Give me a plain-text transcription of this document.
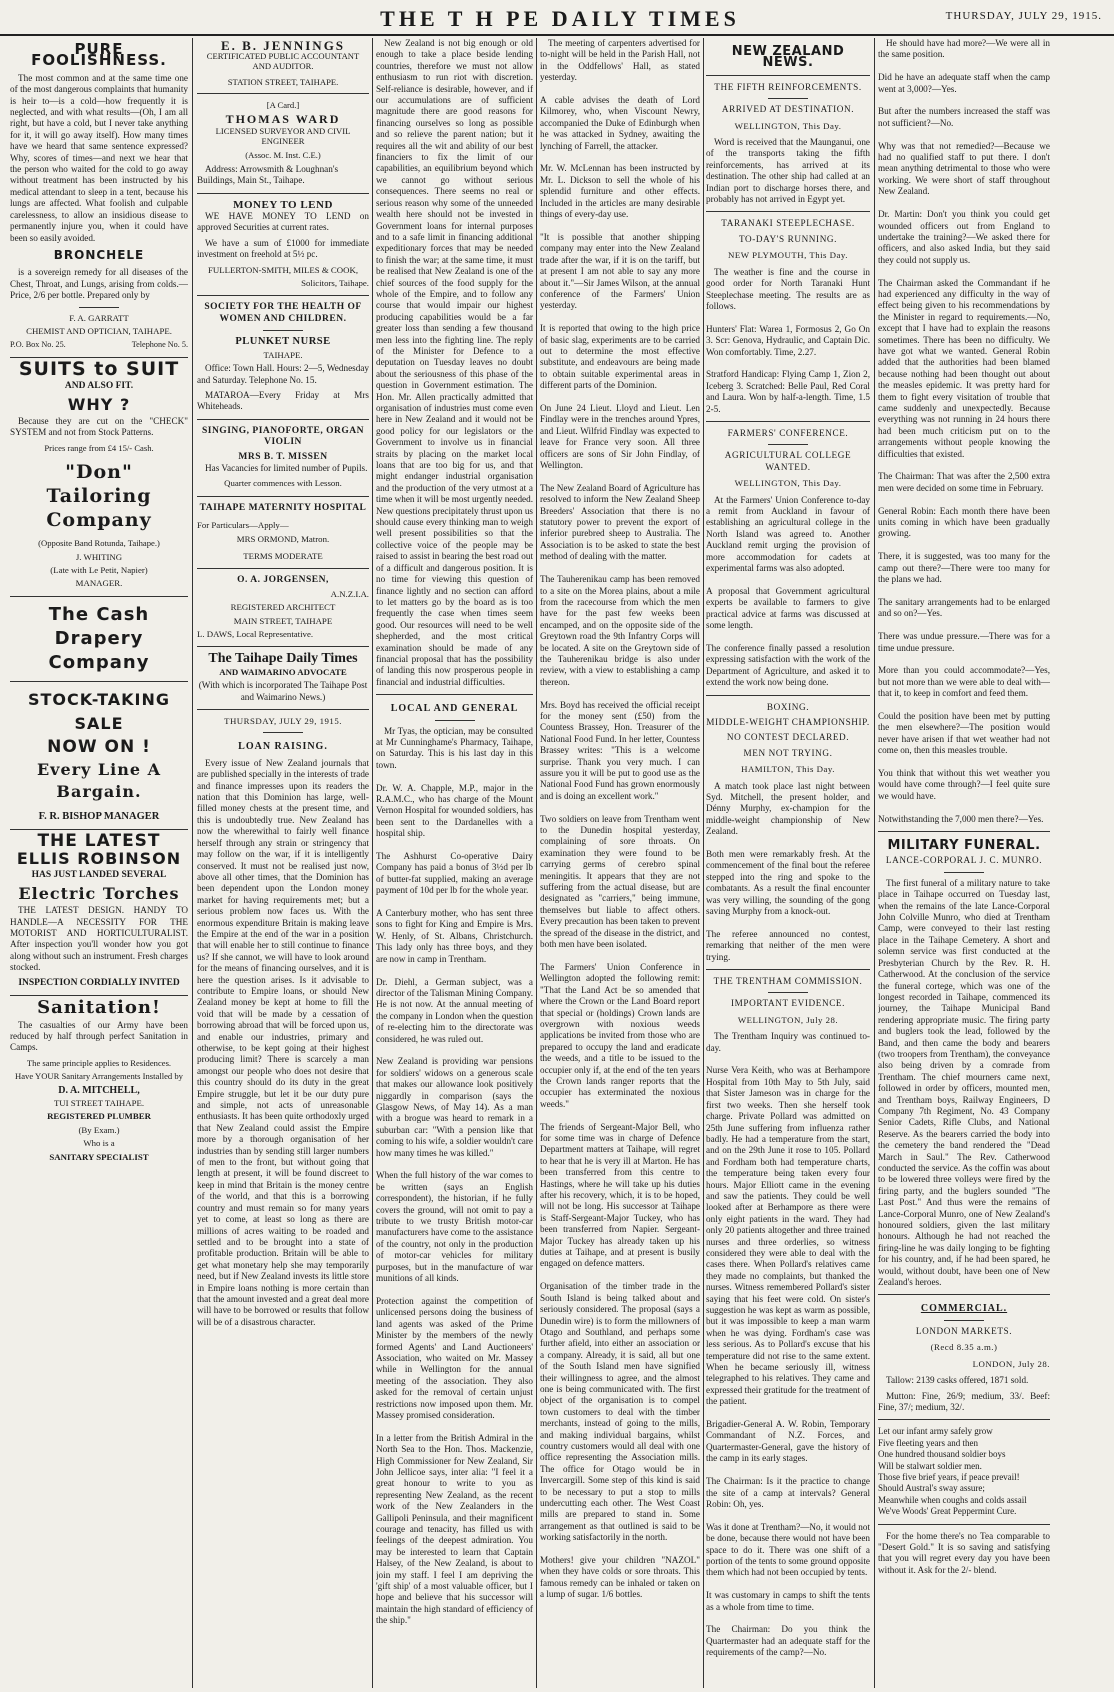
THE T H PE DAILY TIMES	THURSDAY, JULY 29, 1915.
PURE FOOLISHNESS.

The most common and at the same time one of the most dangerous complaints that humanity is heir to—is a cold—how frequently it is neglected, and with what results—(Oh, I am all right, but have a cold, but I never take anything for it, it will go away itself). How many times have we heard that same sentence expressed? Why, scores of times—and next we hear that the person who waited for the cold to go away without treatment has been instructed by his medical attendant to sleep in a tent, because his lungs are affected. What foolish and culpable carelessness, to allow an insidious disease to permanently injure you, when it could have been so easily avoided.

BRONCHELE

is a sovereign remedy for all diseases of the Chest, Throat, and Lungs, arising from colds.—Price, 2/6 per bottle. Prepared only by

F. A. GARRATT
CHEMIST AND OPTICIAN, TAIHAPE.
P.O. Box No. 25.	Telephone No. 5.
SUITS to SUIT
AND ALSO FIT.
WHY ?

Because they are cut on the "CHECK" SYSTEM and not from Stock Patterns.

Prices range from £4 15/- Cash.
"Don" Tailoring Company
(Opposite Band Rotunda, Taihape.)
J. WHITING
(Late with Le Petit, Napier)
MANAGER.
The Cash Drapery Company
STOCK-TAKING SALE
NOW ON !
Every Line A Bargain.
F. R. BISHOP MANAGER
THE LATEST
ELLIS ROBINSON
HAS JUST LANDED SEVERAL
Electric Torches

THE LATEST DESIGN. HANDY TO HANDLE—A NECESSITY FOR THE MOTORIST AND HORTICULTURALIST. After inspection you'll wonder how you got along without such an instrument. Fresh charges stocked.

INSPECTION CORDIALLY INVITED
Sanitation!

The casualties of our Army have been reduced by half through perfect Sanitation in Camps.

The same principle applies to Residences.
Have YOUR Sanitary Arrangements Installed by
D. A. MITCHELL,
TUI STREET TAIHAPE.
REGISTERED PLUMBER
(By Exam.)
Who is a
SANITARY SPECIALIST
E. B. JENNINGS
CERTIFICATED PUBLIC ACCOUNTANT AND AUDITOR.
STATION STREET, TAIHAPE.
[A Card.]
THOMAS WARD
LICENSED SURVEYOR AND CIVIL ENGINEER
(Assoc. M. Inst. C.E.)

Address: Arrowsmith & Loughnan's Buildings, Main St., Taihape.

MONEY TO LEND

WE HAVE MONEY TO LEND on approved Securities at current rates.

We have a sum of £1000 for immediate investment on freehold at 5½ pc.

FULLERTON-SMITH, MILES & COOK,
Solicitors, Taihape.
SOCIETY FOR THE HEALTH OF WOMEN AND CHILDREN.
PLUNKET NURSE
TAIHAPE.

Office: Town Hall. Hours: 2—5, Wednesday and Saturday. Telephone No. 15.

MATAROA—Every Friday at Mrs Whiteheads.

SINGING, PIANOFORTE, ORGAN VIOLIN
MRS B. T. MISSEN

Has Vacancies for limited number of Pupils.

Quarter commences with Lesson.
TAIHAPE MATERNITY HOSPITAL
For Particulars—Apply—
MRS ORMOND, Matron.
TERMS MODERATE
O. A. JORGENSEN,
A.N.Z.I.A.
REGISTERED ARCHITECT
MAIN STREET, TAIHAPE
L. DAWS, Local Representative.
The Taihape Daily Times
AND WAIMARINO ADVOCATE

(With which is incorporated The Taihape Post and Waimarino News.)

THURSDAY, JULY 29, 1915.
LOAN RAISING.

Every issue of New Zealand journals that are published specially in the interests of trade and finance impresses upon its readers the nation that this Dominion has large, well-filled money chests at the present time, and this is undoubtedly true. New Zealand has now the wherewithal to fairly well finance herself through any strain or stringency that may follow on the war, if it is intelligently conserved. It must not be realised just now, above all other times, that the Dominion has been dependent upon the London money market for having requirements met; but a serious problem now faces us. With the enormous expenditure Britain is making leave the Empire at the end of the war in a position that will enable her to still continue to finance us? If she cannot, we will have to look around for the means of financing ourselves, and it is here the question arises. Is it advisable to contribute to Empire loans, or should New Zealand money be kept at home to fill the void that will be made by a cessation of borrowing abroad that will be forced upon us, and enable our industries, primary and otherwise, to be kept going at their highest producing limit? There is scarcely a man amongst our people who does not desire that this country should do its duty in the great Empire struggle, but let it be our duty pure and simple, not acts of unreasonable enthusiasts. It has been quite orthodoxly urged that New Zealand could assist the Empire more by a thorough organisation of her industries than by sending still larger numbers of men to the front, but without going that length at present, it will be found discreet to keep in mind that Britain is the money centre of the world, and that this is a borrowing country and must remain so for many years yet to come, at least so long as there are millions of acres waiting to be roaded and settled and to be brought into a state of profitable production. Britain will be able to get what monetary help she may temporarily need, but if New Zealand invests its little store in Empire loans nothing is more certain than that the amount invested and a great deal more will have to be borrowed or results that follow will be of a disastrous character.

New Zealand is not big enough or old enough to take a place beside lending countries, therefore we must not allow enthusiasm to run riot with discretion. Self-reliance is desirable, however, and if our accumulations are of sufficient magnitude there are good reasons for financing ourselves so long as possible and so relieve the parent nation; but it requires all the wit and ability of our best financiers to fix the limit of our capabilities, an equilibrium beyond which we cannot go without serious consequences. There seems no real or serious reason why some of the unneeded wealth here should not be invested in Government loans for internal purposes and to a safe limit in financing additional expeditionary forces that may be needed to finish the war; at the same time, it must be realised that New Zealand is one of the chief sources of the food supply for the whole of the Empire, and to follow any course that would impair our highest producing capabilities would be a far greater loss than sending a few thousand men less into the fighting line. The reply of the Minister for Defence to a deputation on Tuesday leaves no doubt about the seriousness of this phase of the question in Government estimation. The Hon. Mr. Allen practically admitted that organisation of industries must come even here in New Zealand and it would not be good policy for our legislators or the Government to involve us in financial straits by placing on the market local loans that are too big for us, and that might endanger industrial organisation and the production of the very utmost at a time when it will be most urgently needed. New questions precipitately thrust upon us should cause every thinking man to weigh well present possibilities so that the collective voice of the people may be raised to assist in bearing the best road out of a difficult and dangerous position. It is no time for viewing this question of finance lightly and no section can afford to let matters go by the board as is too frequently the case when times seem good. Our resources will need to be well shepherded, and the most critical examination should be made of any financial proposal that has the possibility of landing this now prosperous people in financial and industrial difficulties.

LOCAL AND GENERAL

Mr Tyas, the optician, may be consulted at Mr Cunninghame's Pharmacy, Taihape, on Saturday. This is his last day in this town.

Dr. W. A. Chapple, M.P., major in the R.A.M.C., who has charge of the Mount Vernon Hospital for wounded soldiers, has been sent to the Dardanelles with a hospital ship.

The Ashhurst Co-operative Dairy Company has paid a bonus of 3½d per lb of butter-fat supplied, making an average payment of 10d per lb for the whole year.

A Canterbury mother, who has sent three sons to fight for King and Empire is Mrs. W. Henly, of St. Albans, Christchurch. This lady only has three boys, and they are now in camp in Trentham.

Dr. Diehl, a German subject, was a director of the Talisman Mining Company. He is not now. At the annual meeting of the company in London when the question of re-electing him to the directorate was considered, he was ruled out.

New Zealand is providing war pensions for soldiers' widows on a generous scale that makes our allowance look positively niggardly in comparison (says the Glasgow News, of May 14). As a man with a brogue was heard to remark in a suburban car: "With a pension like that coming to his wife, a soldier wouldn't care how many times he was killed."

When the full history of the war comes to be written (says an English correspondent), the historian, if he fully covers the ground, will not omit to pay a tribute to we trusty British motor-car manufacturers have come to the assistance of the country, not only in the production of motor-car vehicles for military purposes, but in the manufacture of war munitions of all kinds.

Protection against the competition of unlicensed persons doing the business of land agents was asked of the Prime Minister by the members of the newly formed Agents' and Land Auctioneers' Association, who waited on Mr. Massey while in Wellington for the annual meeting of the association. They also asked for the removal of certain unjust restrictions now imposed upon them. Mr. Massey promised consideration.

In a letter from the British Admiral in the North Sea to the Hon. Thos. Mackenzie, High Commissioner for New Zealand, Sir John Jellicoe says, inter alia: "I feel it a great honour to write to you as representing New Zealand, as the recent work of the New Zealanders in the Gallipoli Peninsula, and their magnificent courage and tenacity, has filled us with feelings of the deepest admiration. You may be interested to learn that Captain Halsey, of the New Zealand, is about to join my staff. I feel I am depriving the 'gift ship' of a most valuable officer, but I hope and believe that his successor will maintain the high standard of efficiency of the ship."

The meeting of carpenters advertised for to-night will be held in the Parish Hall, not in the Oddfellows' Hall, as stated yesterday.

A cable advises the death of Lord Kilmorey, who, when Viscount Newry, accompanied the Duke of Edinburgh when he was attacked in Sydney, awaiting the lynching of Farrell, the attacker.

Mr. W. McLennan has been instructed by Mr. L. Dickson to sell the whole of his splendid furniture and other effects. Included in the articles are many desirable things of every-day use.

"It is possible that another shipping company may enter into the New Zealand trade after the war, if it is on the tariff, but at present I am not able to say any more about it."—Sir James Wilson, at the annual conference of the Farmers' Union yesterday.

It is reported that owing to the high price of basic slag, experiments are to be carried out to determine the most effective substitute, and endeavours are being made to obtain suitable experimental areas in different parts of the Dominion.

On June 24 Lieut. Lloyd and Lieut. Len Findlay were in the trenches around Ypres, and Lieut. Wilfrid Findlay was expected to leave for France very soon. All three officers are sons of Sir John Findlay, of Wellington.

The New Zealand Board of Agriculture has resolved to inform the New Zealand Sheep Breeders' Association that there is no statutory power to prevent the export of inferior purebred sheep to Australia. The Association is to be asked to state the best method of dealing with the matter.

The Tauherenikau camp has been removed to a site on the Morea plains, about a mile from the racecourse from which the men have for the past few weeks been encamped, and on the opposite side of the Greytown road the 9th Infantry Corps will be located. A site on the Greytown side of the Tauherenikau bridge is also under review, with a view to establishing a camp thereon.

Mrs. Boyd has received the official receipt for the money sent (£50) from the Countess Brassey, Hon. Treasurer of the National Food Fund. In her letter, Countess Brassey writes: "This is a welcome surprise. Thank you very much. I can assure you it will be put to good use as the National Food Fund has grown enormously and is doing an excellent work."

Two soldiers on leave from Trentham went to the Dunedin hospital yesterday, complaining of sore throats. On examination they were found to be carrying germs of cerebro spinal meningitis. It appears that they are not suffering from the actual disease, but are designated as "carriers," being immune, themselves but liable to affect others. Every precaution has been taken to prevent the spread of the disease in the district, and both men have been isolated.

The Farmers' Union Conference in Wellington adopted the following remit: "That the Land Act be so amended that where the Crown or the Land Board report that special or (holdings) Crown lands are overgrown with noxious weeds applications be invited from those who are prepared to occupy the land and eradicate the weeds, and a title to be issued to the occupier only if, at the end of the ten years the Crown lands ranger reports that the occupier has exterminated the noxious weeds."

The friends of Sergeant-Major Bell, who for some time was in charge of Defence Department matters at Taihape, will regret to hear that he is very ill at Marton. He has been transferred from this centre to Hastings, where he will take up his duties after his recovery, which, it is to be hoped, will not be long. His successor at Taihape is Staff-Sergeant-Major Tuckey, who has been transferred from Napier. Sergeant-Major Tuckey has already taken up his duties at Taihape, and at present is busily engaged on defence matters.

Organisation of the timber trade in the South Island is being talked about and seriously considered. The proposal (says a Dunedin wire) is to form the millowners of Otago and Southland, and perhaps some further afield, into either an association or a company. Already, it is said, all but one of the South Island men have signified their willingness to agree, and the almost one is being communicated with. The first object of the organisation is to compel town customers to deal with the timber merchants, instead of going to the mills, and making individual bargains, whilst country customers would all deal with one office representing the Association mills. The office for Otago would be in Invercargill. Some step of this kind is said to be necessary to put a stop to mills undercutting each other. The West Coast mills are prepared to stand in. Some arrangement as that outlined is said to be working satisfactorily in the north.

Mothers! give your children "NAZOL" when they have colds or sore throats. This famous remedy can be inhaled or taken on a lump of sugar. 1/6 bottles.

NEW ZEALAND NEWS.
THE FIFTH REINFORCEMENTS.
ARRIVED AT DESTINATION.
WELLINGTON, This Day.

Word is received that the Maunganui, one of the transports taking the fifth reinforcements, has arrived at its destination. The other ship had called at an Indian port to discharge horses there, and probably has not arrived in Egypt yet.

TARANAKI STEEPLECHASE.
TO-DAY'S RUNNING.
NEW PLYMOUTH, This Day.

The weather is fine and the course in good order for North Taranaki Hunt Steeplechase meeting. The results are as follows.

Hunters' Flat: Warea 1, Formosus 2, Go On 3. Scr: Genova, Hydraulic, and Captain Dic. Won comfortably. Time, 2.27.

Stratford Handicap: Flying Camp 1, Zion 2, Iceberg 3. Scratched: Belle Paul, Red Coral and Laura. Won by half-a-length. Time, 1.5 2-5.

FARMERS' CONFERENCE.
AGRICULTURAL COLLEGE WANTED.
WELLINGTON, This Day.

At the Farmers' Union Conference to-day a remit from Auckland in favour of establishing an agricultural college in the North Island was agreed to. Another Auckland remit urging the provision of more accommodation for cadets at experimental farms was also adopted.

A proposal that Government agricultural experts be available to farmers to give practical advice at farms was discussed at some length.

The conference finally passed a resolution expressing satisfaction with the work of the Department of Agriculture, and asked it to extend the work now being done.

BOXING.
MIDDLE-WEIGHT CHAMPIONSHIP.
NO CONTEST DECLARED.
MEN NOT TRYING.
HAMILTON, This Day.

A match took place last night between Syd. Mitchell, the present holder, and Dénny Murphy, ex-champion for the middle-weight championship of New Zealand.

Both men were remarkably fresh. At the commencement of the final bout the referee stepped into the ring and spoke to the combatants. As a result the final encounter was very willing, the sounding of the gong saving Murphy from a knock-out.

The referee announced no contest, remarking that neither of the men were trying.

THE TRENTHAM COMMISSION.
IMPORTANT EVIDENCE.
WELLINGTON, July 28.

The Trentham Inquiry was continued to-day.

Nurse Vera Keith, who was at Berhampore Hospital from 10th May to 5th July, said that Sister Jameson was in charge for the first two weeks. Then she herself took charge. Private Pollard was admitted on 25th June suffering from influenza rather badly. He had a temperature from the start, and on the 29th June it rose to 105. Pollard and Fordham both had temperature charts, the temperature being taken every four hours. Major Elliott came in the evening and saw the patients. They could be well looked after at Berhampore as there were only eight patients in the ward. They had only 20 patients altogether and three trained nurses and three orderlies, so witness considered they were able to deal with the cases there. When Pollard's relatives came they made no complaints, but thanked the nurses. Witness remembered Pollard's sister saying that his feet were cold. On sister's suggestion he was kept as warm as possible, but it was impossible to keep a man warm when he was dying. Fordham's case was less serious. As to Pollard's excuse that his temperature did not rise to the same extent. When he became seriously ill, witness telegraphed to his relatives. They came and expressed their gratitude for the treatment of the patient.

Brigadier-General A. W. Robin, Temporary Commandant of N.Z. Forces, and Quartermaster-General, gave the history of the camp in its early stages.

The Chairman: Is it the practice to change the site of a camp at intervals? General Robin: Oh, yes.

Was it done at Trentham?—No, it would not be done, because there would not have been space to do it. There was one shift of a portion of the tents to some ground opposite them which had not been occupied by tents.

It was customary in camps to shift the tents as a whole from time to time.

The Chairman: Do you think the Quartermaster had an adequate staff for the requirements of the camp?—No.

He should have had more?—We were all in the same position.

Did he have an adequate staff when the camp went at 3,000?—Yes.

But after the numbers increased the staff was not sufficient?—No.

Why was that not remedied?—Because we had no qualified staff to put there. I don't mean anything detrimental to those who were working. We were short of staff throughout New Zealand.

Dr. Martin: Don't you think you could get wounded officers out from England to undertake the training?—We asked there for officers, and also asked India, but they said they could not supply us.

The Chairman asked the Commandant if he had experienced any difficulty in the way of effect being given to his recommendations by the Minister in regard to requirements.—No, except that I have had to explain the reasons sometimes. There has been no difficulty. We have got what we wanted. General Robin added that the authorities had been blamed because nothing had been thought out about the measles epidemic. It was pretty hard for them to fight every visitation of trouble that came suddenly and unexpectedly. Because everything was not running in 24 hours there had been much criticism put on to the arrangements without people knowing the difficulties that existed.

The Chairman: That was after the 2,500 extra men were decided on some time in February.

General Robin: Each month there have been units coming in which have been gradually growing.

There, it is suggested, was too many for the camp out there?—There were too many for the plans we had.

The sanitary arrangements had to be enlarged and so on?—Yes.

There was undue pressure.—There was for a time undue pressure.

More than you could accommodate?—Yes, but not more than we were able to deal with—that it, to keep in comfort and feed them.

Could the position have been met by putting the men elsewhere?—The position would never have arisen if that wet weather had not come on, then this measles trouble.

You think that without this wet weather you would have come through?—I feel quite sure we would have.

Notwithstanding the 7,000 men there?—Yes.

MILITARY FUNERAL.
LANCE-CORPORAL J. C. MUNRO.

The first funeral of a military nature to take place in Taihape occurred on Tuesday last, when the remains of the late Lance-Corporal John Colville Munro, who died at Trentham Camp, were conveyed to their last resting place in the Taihape Cemetery. A short and solemn service was first conducted at the Presbyterian Church by the Rev. R. H. Catherwood. At the conclusion of the service the funeral cortege, which was one of the longest recorded in Taihape, commenced its journey, the Taihape Municipal Band rendering appropriate music. The firing party and buglers took the lead, followed by the Band, and then came the body and bearers (two troopers from Trentham), the conveyance also being driven by a comrade from Trentham. The chief mourners came next, followed in order by officers, mounted men, and Trentham boys, Railway Engineers, D Company 7th Regiment, No. 43 Company Senior Cadets, Rifle Clubs, and National Reserve. As the bearers carried the body into the cemetery the band rendered the "Dead March in Saul." The Rev. Catherwood conducted the service. As the coffin was about to be lowered three volleys were fired by the firing party, and the buglers sounded "The Last Post." And thus were the remains of Lance-Corporal Munro, one of New Zealand's honoured soldiers, given the last military honours. Although he had not reached the firing-line he was daily longing to be fighting for his country, and, if he had been spared, he would, without doubt, have been one of New Zealand's heroes.

COMMERCIAL.
LONDON MARKETS.
(Recd 8.35 a.m.)
LONDON, July 28.

Tallow: 2139 casks offered, 1871 sold.

Mutton: Fine, 26/9; medium, 33/. Beef: Fine, 37/; medium, 32/.

Let our infant army safely grow
Five fleeting years and then
One hundred thousand soldier boys
Will be stalwart soldier men.
Those five brief years, if peace prevail!
Should Austral's sway assure;
Meanwhile when coughs and colds assail
We've Woods' Great Peppermint Cure.

For the home there's no Tea comparable to "Desert Gold." It is so saving and satisfying that you will regret every day you have been without it. Ask for the 2/- blend.
